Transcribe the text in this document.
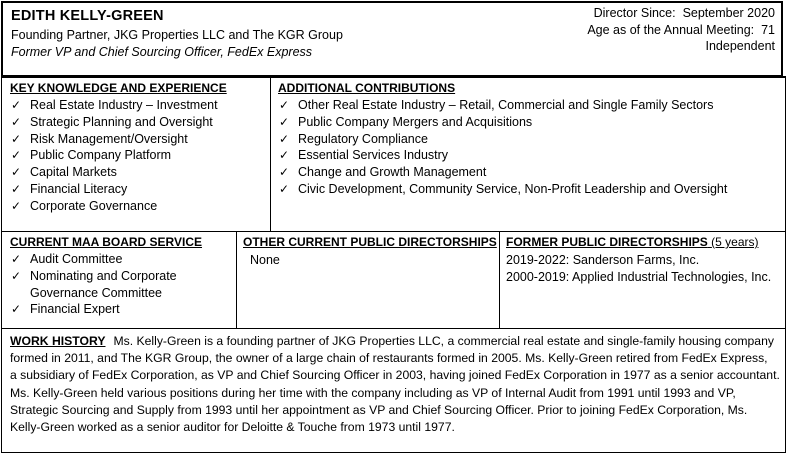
EDITH KELLY-GREEN
Founding Partner, JKG Properties LLC and The KGR Group
Former VP and Chief Sourcing Officer, FedEx Express
Director Since: September 2020
Age as of the Annual Meeting: 71
Independent
KEY KNOWLEDGE AND EXPERIENCE
✓ Real Estate Industry – Investment
✓ Strategic Planning and Oversight
✓ Risk Management/Oversight
✓ Public Company Platform
✓ Capital Markets
✓ Financial Literacy
✓ Corporate Governance
ADDITIONAL CONTRIBUTIONS
✓ Other Real Estate Industry – Retail, Commercial and Single Family Sectors
✓ Public Company Mergers and Acquisitions
✓ Regulatory Compliance
✓ Essential Services Industry
✓ Change and Growth Management
✓ Civic Development, Community Service, Non-Profit Leadership and Oversight
CURRENT MAA BOARD SERVICE
✓ Audit Committee
✓ Nominating and Corporate
Governance Committee
✓ Financial Expert
OTHER CURRENT PUBLIC DIRECTORSHIPS
None
FORMER PUBLIC DIRECTORSHIPS (5 years)
2019-2022: Sanderson Farms, Inc.
2000-2019: Applied Industrial Technologies, Inc.
WORK HISTORY Ms. Kelly-Green is a founding partner of JKG Properties LLC, a commercial real estate and single-family housing company
formed in 2011, and The KGR Group, the owner of a large chain of restaurants formed in 2005. Ms. Kelly-Green retired from FedEx Express,
a subsidiary of FedEx Corporation, as VP and Chief Sourcing Officer in 2003, having joined FedEx Corporation in 1977 as a senior accountant.
Ms. Kelly-Green held various positions during her time with the company including as VP of Internal Audit from 1991 until 1993 and VP,
Strategic Sourcing and Supply from 1993 until her appointment as VP and Chief Sourcing Officer. Prior to joining FedEx Corporation, Ms.
Kelly-Green worked as a senior auditor for Deloitte & Touche from 1973 until 1977.
